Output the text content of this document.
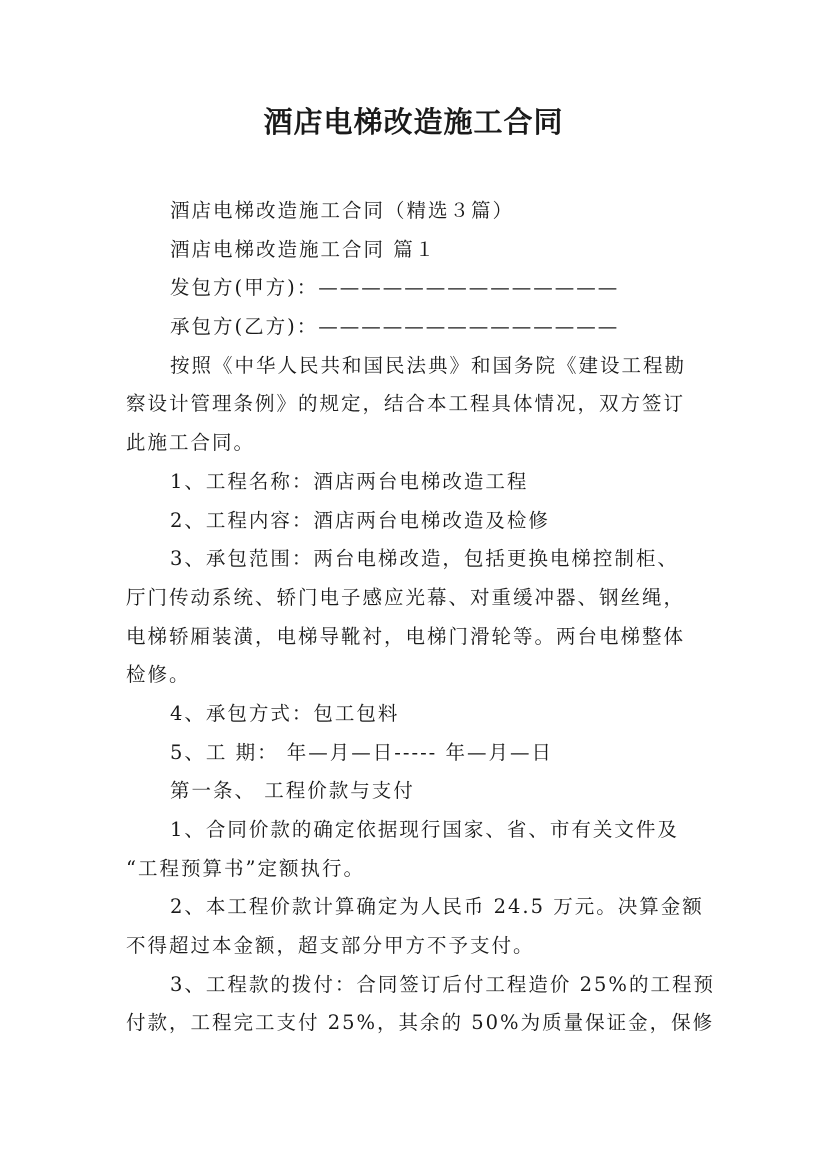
酒店电梯改造施工合同
酒店电梯改造施工合同（精选３篇）
酒店电梯改造施工合同 篇１
发包方(甲方)：——————————————
承包方(乙方)：——————————————
按照《中华人民共和国民法典》和国务院《建设工程勘
察设计管理条例》的规定，结合本工程具体情况，双方签订
此施工合同。
1、工程名称：酒店两台电梯改造工程
2、工程内容：酒店两台电梯改造及检修
3、承包范围：两台电梯改造，包括更换电梯控制柜、
厅门传动系统、轿门电子感应光幕、对重缓冲器、钢丝绳，
电梯轿厢装潢，电梯导靴衬，电梯门滑轮等。两台电梯整体
检修。
4、承包方式：包工包料
5、工 期： 年—月—日----- 年—月—日
第一条、 工程价款与支付
1、合同价款的确定依据现行国家、省、市有关文件及
“工程预算书”定额执行。
2、本工程价款计算确定为人民币 24.5 万元。决算金额
不得超过本金额，超支部分甲方不予支付。
3、工程款的拨付：合同签订后付工程造价 25%的工程预
付款，工程完工支付 25%，其余的 50%为质量保证金，保修
